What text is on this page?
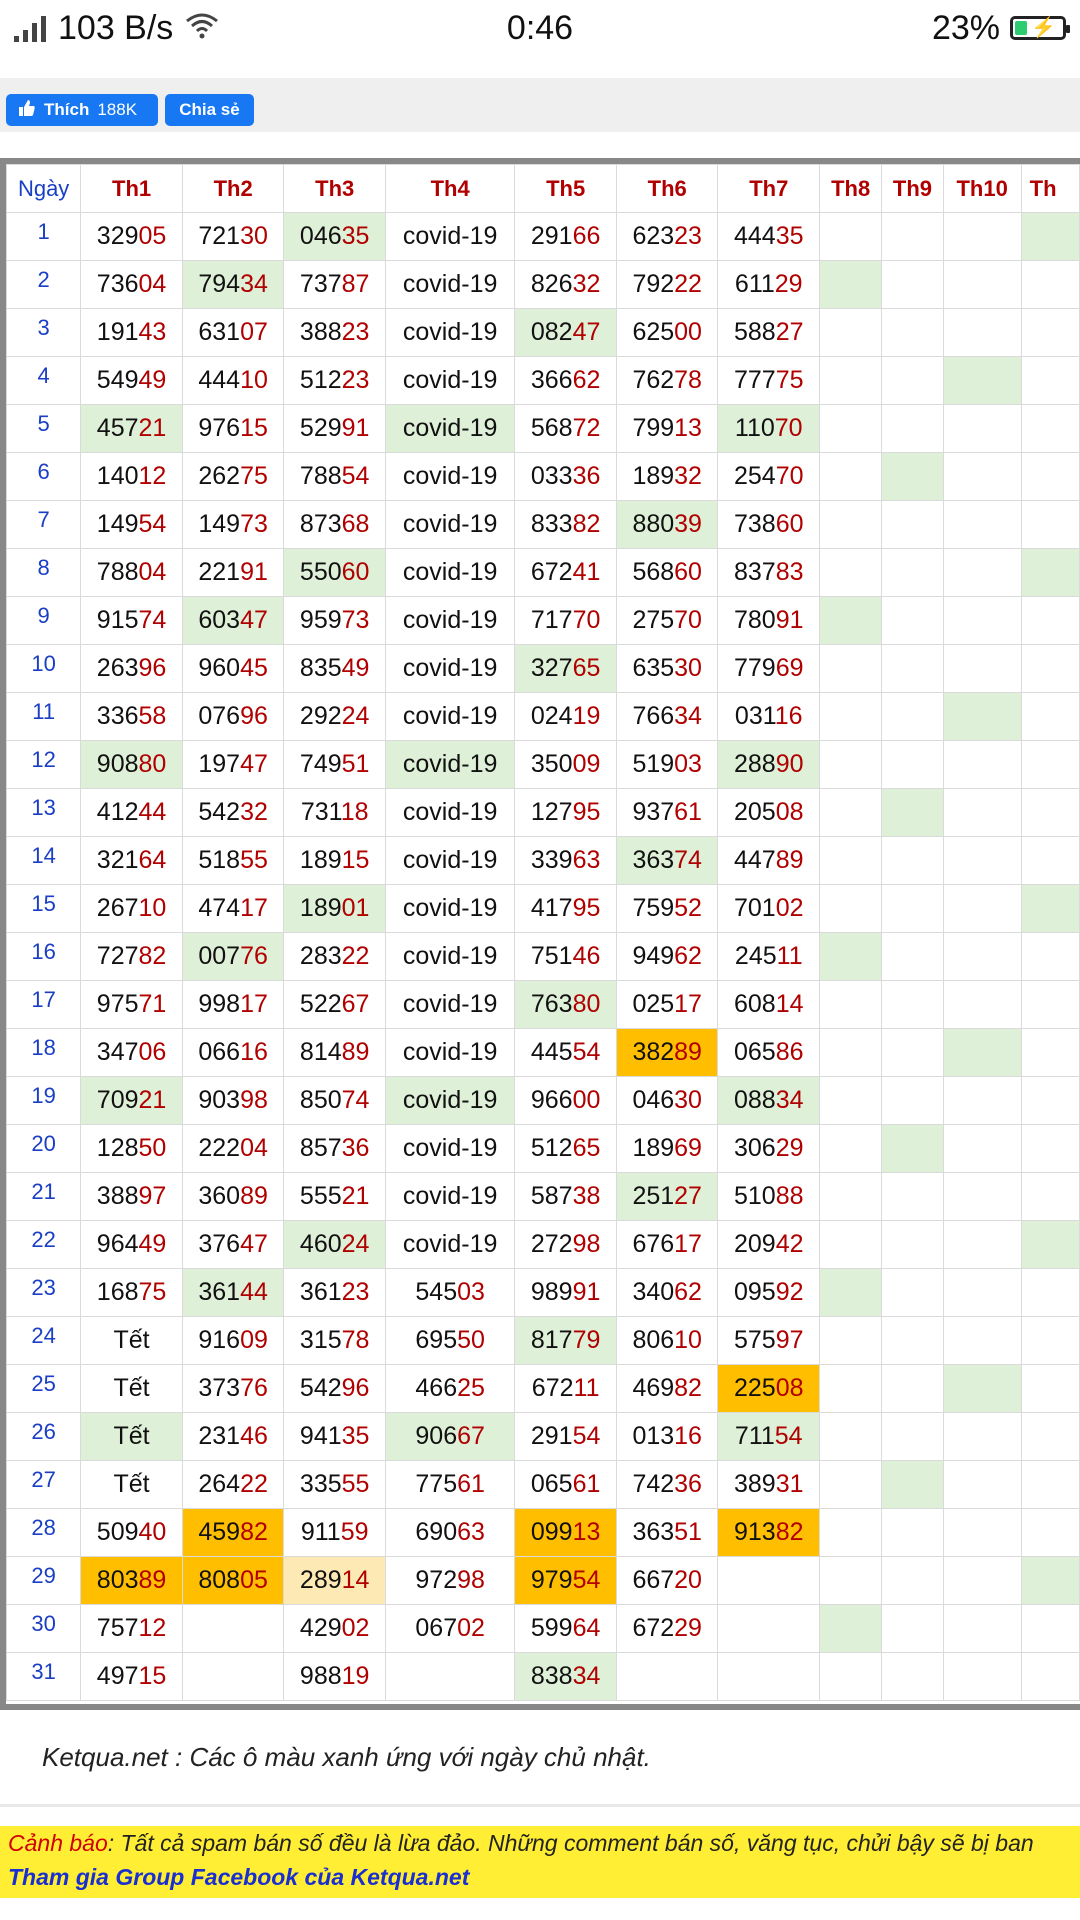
103 B/s	0:46	23% ⚡
Thích 188K	Chia sẻ
Ngày	Th1	Th2	Th3	Th4	Th5	Th6	Th7	Th8	Th9	Th10	Th
1	32905	72130	04635	covid-19	29166	62323	44435				
2	73604	79434	73787	covid-19	82632	79222	61129				
3	19143	63107	38823	covid-19	08247	62500	58827				
4	54949	44410	51223	covid-19	36662	76278	77775				
5	45721	97615	52991	covid-19	56872	79913	11070				
6	14012	26275	78854	covid-19	03336	18932	25470				
7	14954	14973	87368	covid-19	83382	88039	73860				
8	78804	22191	55060	covid-19	67241	56860	83783				
9	91574	60347	95973	covid-19	71770	27570	78091				
10	26396	96045	83549	covid-19	32765	63530	77969				
11	33658	07696	29224	covid-19	02419	76634	03116				
12	90880	19747	74951	covid-19	35009	51903	28890				
13	41244	54232	73118	covid-19	12795	93761	20508				
14	32164	51855	18915	covid-19	33963	36374	44789				
15	26710	47417	18901	covid-19	41795	75952	70102				
16	72782	00776	28322	covid-19	75146	94962	24511				
17	97571	99817	52267	covid-19	76380	02517	60814				
18	34706	06616	81489	covid-19	44554	38289	06586				
19	70921	90398	85074	covid-19	96600	04630	08834				
20	12850	22204	85736	covid-19	51265	18969	30629				
21	38897	36089	55521	covid-19	58738	25127	51088				
22	96449	37647	46024	covid-19	27298	67617	20942				
23	16875	36144	36123	54503	98991	34062	09592				
24	Tết	91609	31578	69550	81779	80610	57597				
25	Tết	37376	54296	46625	67211	46982	22508				
26	Tết	23146	94135	90667	29154	01316	71154				
27	Tết	26422	33555	77561	06561	74236	38931				
28	50940	45982	91159	69063	09913	36351	91382				
29	80389	80805	28914	97298	97954	66720					
30	75712		42902	06702	59964	67229					
31	49715		98819		83834						
Ketqua.net : Các ô màu xanh ứng với ngày chủ nhật.
Cảnh báo: Tất cả spam bán số đều là lừa đảo. Những comment bán số, văng tục, chửi bậy sẽ bị ban
Tham gia Group Facebook của Ketqua.net
